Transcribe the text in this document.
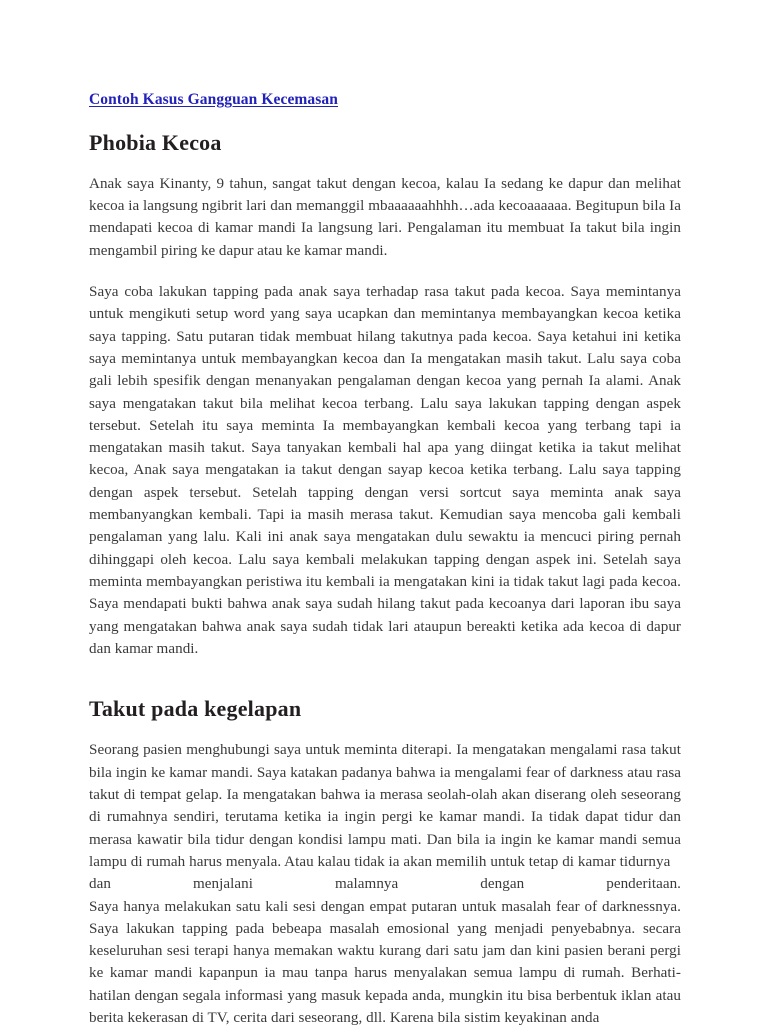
Contoh Kasus Gangguan Kecemasan
Phobia Kecoa

Anak saya Kinanty, 9 tahun, sangat takut dengan kecoa, kalau Ia sedang ke dapur dan melihat kecoa ia langsung ngibrit lari dan memanggil mbaaaaaahhhh…ada kecoaaaaaa. Begitupun bila Ia mendapati kecoa di kamar mandi Ia langsung lari. Pengalaman itu membuat Ia takut bila ingin mengambil piring ke dapur atau ke kamar mandi.

Saya coba lakukan tapping pada anak saya terhadap rasa takut pada kecoa. Saya memintanya untuk mengikuti setup word yang saya ucapkan dan memintanya membayangkan kecoa ketika saya tapping. Satu putaran tidak membuat hilang takutnya pada kecoa. Saya ketahui ini ketika saya memintanya untuk membayangkan kecoa dan Ia mengatakan masih takut. Lalu saya coba gali lebih spesifik dengan menanyakan pengalaman dengan kecoa yang pernah Ia alami. Anak saya mengatakan takut bila melihat kecoa terbang. Lalu saya lakukan tapping dengan aspek tersebut. Setelah itu saya meminta Ia membayangkan kembali kecoa yang terbang tapi ia mengatakan masih takut. Saya tanyakan kembali hal apa yang diingat ketika ia takut melihat kecoa, Anak saya mengatakan ia takut dengan sayap kecoa ketika terbang. Lalu saya tapping dengan aspek tersebut. Setelah tapping dengan versi sortcut saya meminta anak saya membanyangkan kembali. Tapi ia masih merasa takut. Kemudian saya mencoba gali kembali pengalaman yang lalu. Kali ini anak saya mengatakan dulu sewaktu ia mencuci piring pernah dihinggapi oleh kecoa. Lalu saya kembali melakukan tapping dengan aspek ini. Setelah saya meminta membayangkan peristiwa itu kembali ia mengatakan kini ia tidak takut lagi pada kecoa. Saya mendapati bukti bahwa anak saya sudah hilang takut pada kecoanya dari laporan ibu saya yang mengatakan bahwa anak saya sudah tidak lari ataupun bereakti ketika ada kecoa di dapur dan kamar mandi.

Takut pada kegelapan

Seorang pasien menghubungi saya untuk meminta diterapi. Ia mengatakan mengalami rasa takut bila ingin ke kamar mandi. Saya katakan padanya bahwa ia mengalami fear of darkness atau rasa takut di tempat gelap. Ia mengatakan bahwa ia merasa seolah-olah akan diserang oleh seseorang di rumahnya sendiri, terutama ketika ia ingin pergi ke kamar mandi. Ia tidak dapat tidur dan merasa kawatir bila tidur dengan kondisi lampu mati. Dan bila ia ingin ke kamar mandi semua lampu di rumah harus menyala. Atau kalau tidak ia akan memilih untuk tetap di kamar tidurnya
dan menjalani malamnya dengan penderitaan.
Saya hanya melakukan satu kali sesi dengan empat putaran untuk masalah fear of darknessnya. Saya lakukan tapping pada bebeapa masalah emosional yang menjadi penyebabnya. secara keseluruhan sesi terapi hanya memakan waktu kurang dari satu jam dan kini pasien berani pergi ke kamar mandi kapanpun ia mau tanpa harus menyalakan semua lampu di rumah. Berhati-hatilan dengan segala informasi yang masuk kepada anda, mungkin itu bisa berbentuk iklan atau berita kekerasan di TV, cerita dari seseorang, dll. Karena bila sistim keyakinan anda
